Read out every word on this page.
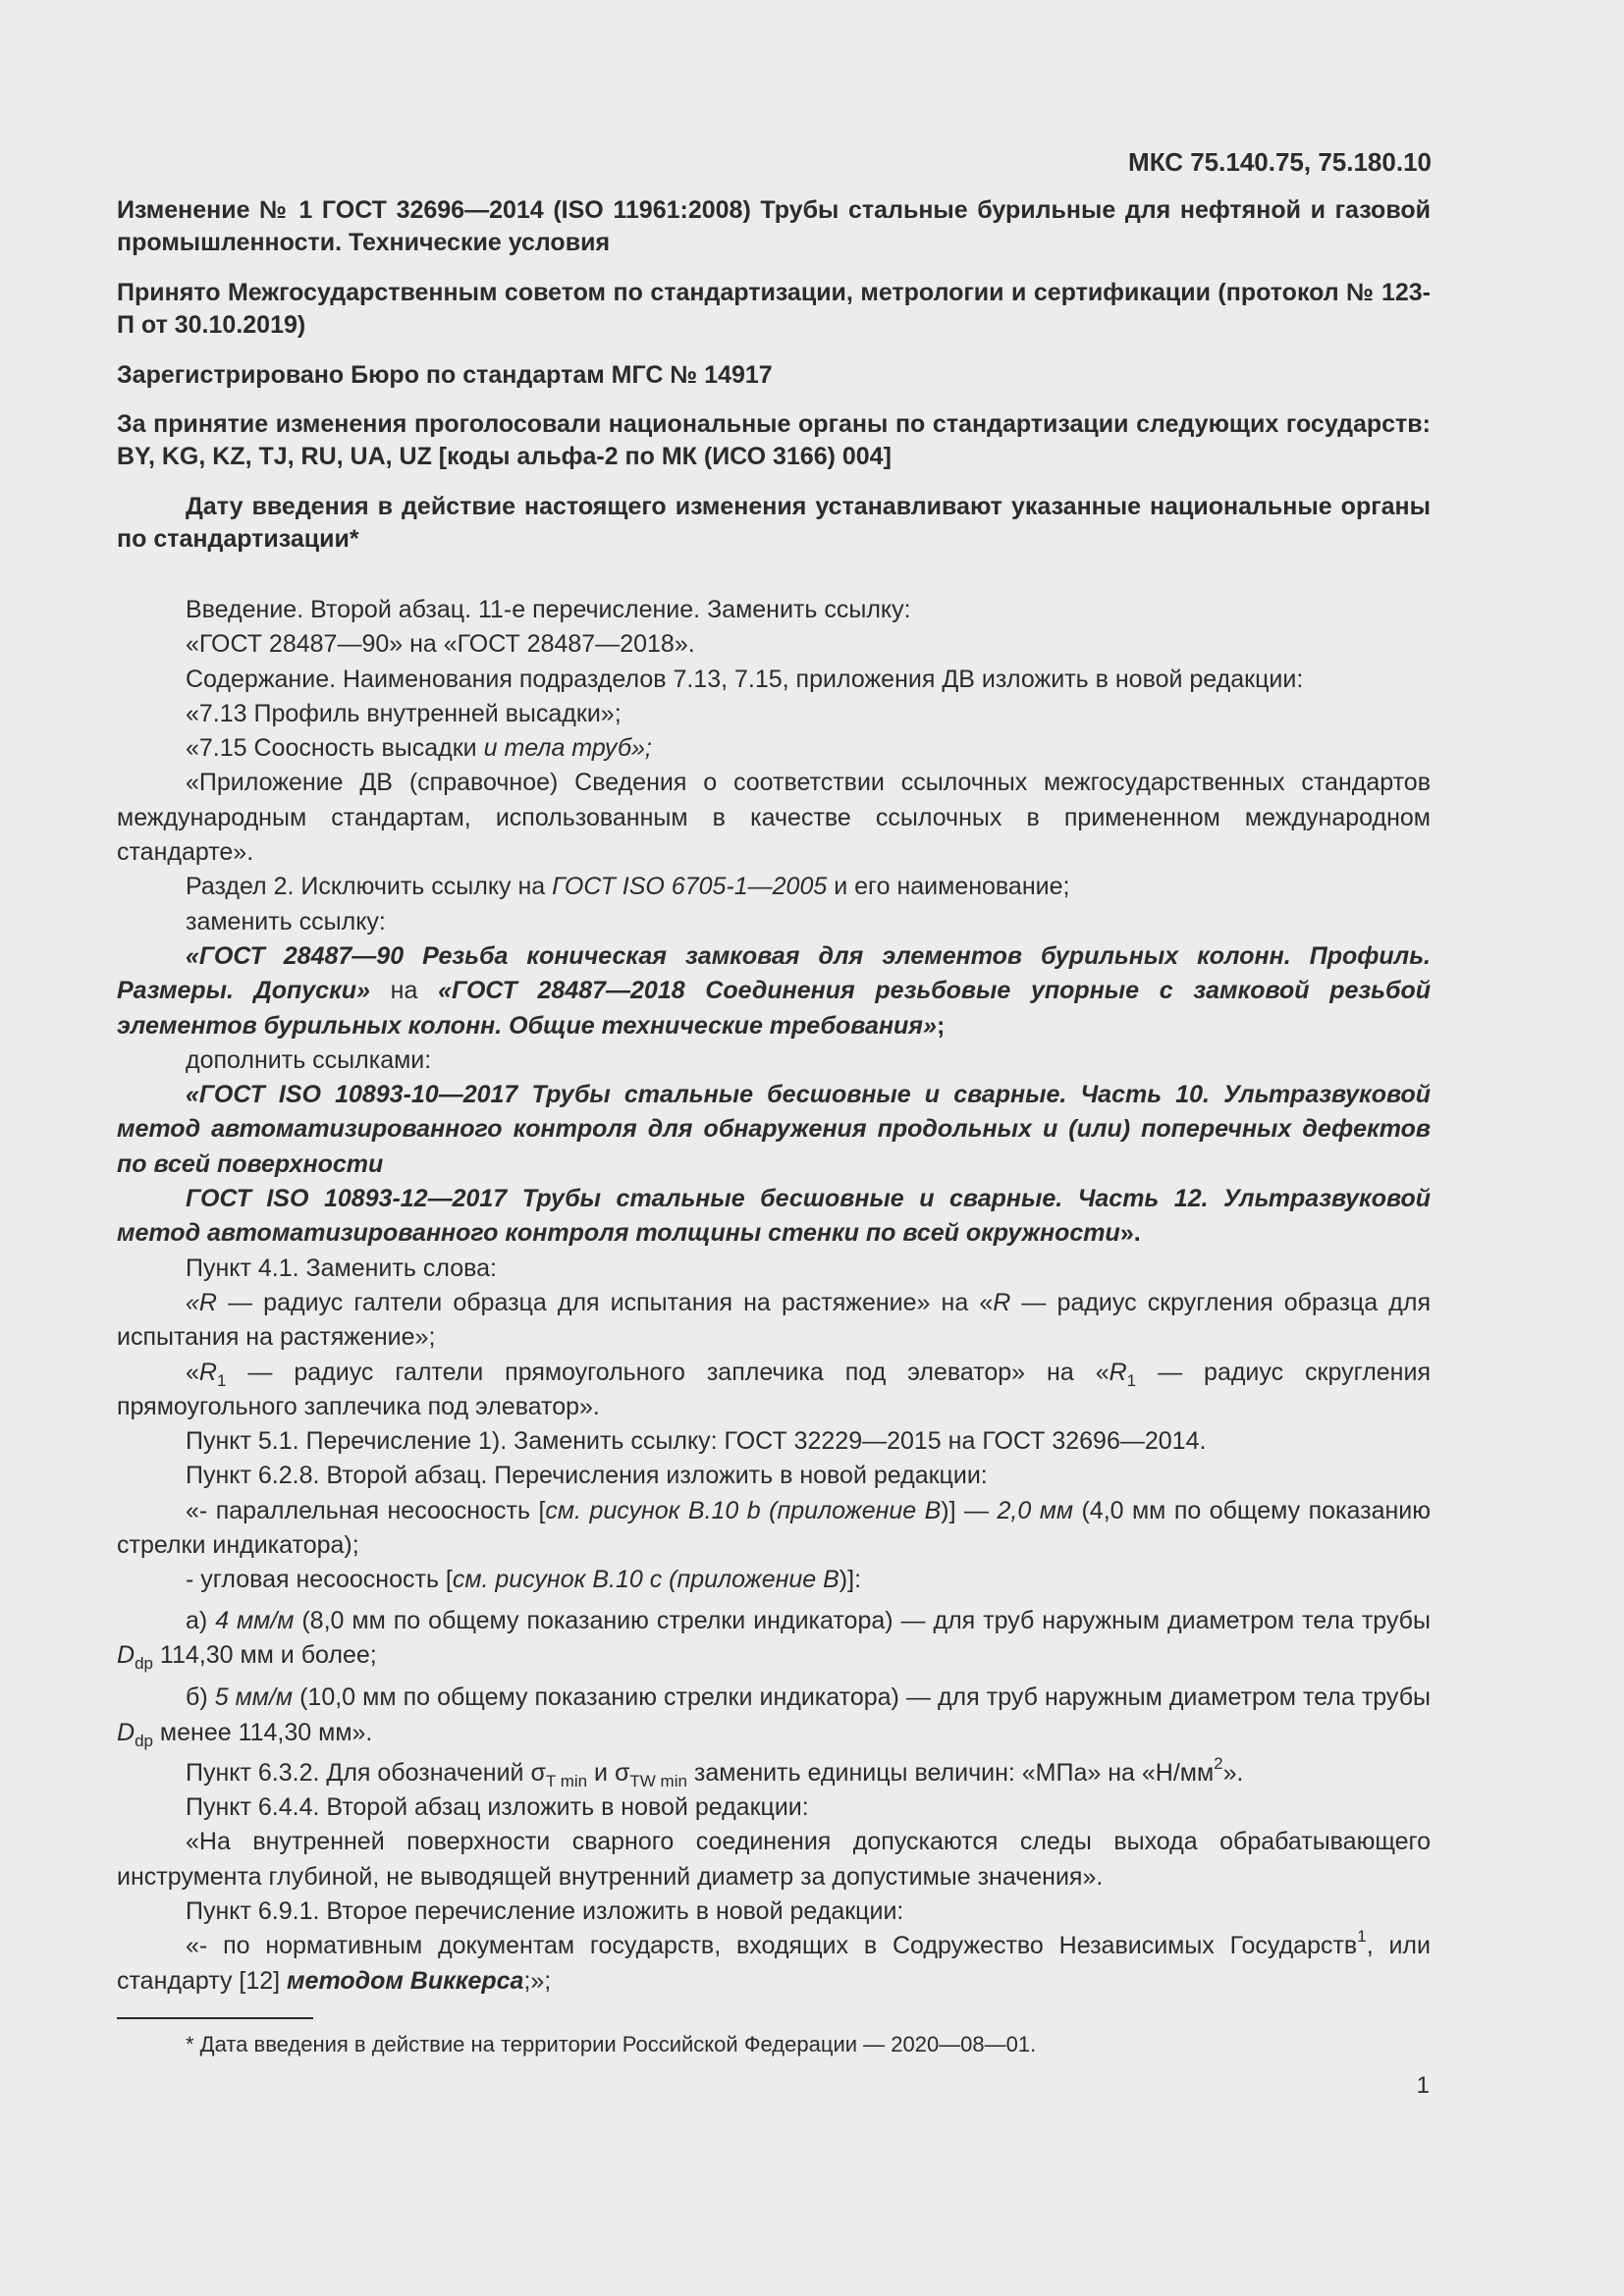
МКС 75.140.75, 75.180.10

Изменение № 1 ГОСТ 32696—2014 (ISO 11961:2008) Трубы стальные бурильные для нефтяной и газовой промышленности. Технические условия

Принято Межгосударственным советом по стандартизации, метрологии и сертификации (протокол № 123-П от 30.10.2019)

Зарегистрировано Бюро по стандартам МГС № 14917

За принятие изменения проголосовали национальные органы по стандартизации следующих государств: BY, KG, KZ, TJ, RU, UA, UZ [коды альфа-2 по МК (ИСО 3166) 004]

Дату введения в действие настоящего изменения устанавливают указанные национальные органы по стандартизации*

Введение. Второй абзац. 11-е перечисление. Заменить ссылку:

«ГОСТ 28487—90» на «ГОСТ 28487—2018».

Содержание. Наименования подразделов 7.13, 7.15, приложения ДВ изложить в новой редакции:

«7.13 Профиль внутренней высадки»;

«7.15 Соосность высадки и тела труб»;

«Приложение ДВ (справочное) Сведения о соответствии ссылочных межгосударственных стандартов международным стандартам, использованным в качестве ссылочных в примененном международном стандарте».

Раздел 2. Исключить ссылку на ГОСТ ISO 6705-1—2005 и его наименование;

заменить ссылку:

«ГОСТ 28487—90 Резьба коническая замковая для элементов бурильных колонн. Профиль. Размеры. Допуски» на «ГОСТ 28487—2018 Соединения резьбовые упорные с замковой резьбой элементов бурильных колонн. Общие технические требования»;

дополнить ссылками:

«ГОСТ ISO 10893-10—2017 Трубы стальные бесшовные и сварные. Часть 10. Ультразвуковой метод автоматизированного контроля для обнаружения продольных и (или) поперечных дефектов по всей поверхности

ГОСТ ISO 10893-12—2017 Трубы стальные бесшовные и сварные. Часть 12. Ультразвуковой метод автоматизированного контроля толщины стенки по всей окружности».

Пункт 4.1. Заменить слова:

«R — радиус галтели образца для испытания на растяжение» на «R — радиус скругления образца для испытания на растяжение»;

«$R_1$ — радиус галтели прямоугольного заплечика под элеватор» на «$R_1$ — радиус скругления прямоугольного заплечика под элеватор».

Пункт 5.1. Перечисление 1). Заменить ссылку: ГОСТ 32229—2015 на ГОСТ 32696—2014.

Пункт 6.2.8. Второй абзац. Перечисления изложить в новой редакции:

«- параллельная несоосность [см. рисунок В.10 b (приложение В)] — 2,0 мм (4,0 мм по общему показанию стрелки индикатора);

- угловая несоосность [см. рисунок В.10 с (приложение В)]:

а) 4 мм/м (8,0 мм по общему показанию стрелки индикатора) — для труб наружным диаметром тела трубы $D_{dp}$ 114,30 мм и более;

б) 5 мм/м (10,0 мм по общему показанию стрелки индикатора) — для труб наружным диаметром тела трубы $D_{dp}$ менее 114,30 мм».

Пункт 6.3.2. Для обозначений $\sigma_{T min}$ и $\sigma_{TW min}$ заменить единицы величин: «МПа» на «$Н/мм^2$».

Пункт 6.4.4. Второй абзац изложить в новой редакции:

«На внутренней поверхности сварного соединения допускаются следы выхода обрабатывающего инструмента глубиной, не выводящей внутренний диаметр за допустимые значения».

Пункт 6.9.1. Второе перечисление изложить в новой редакции:

«- по нормативным документам государств, входящих в Содружество Независимых Государств$^1$, или стандарту [12] методом Виккерса;»;

* Дата введения в действие на территории Российской Федерации — 2020—08—01.
1
